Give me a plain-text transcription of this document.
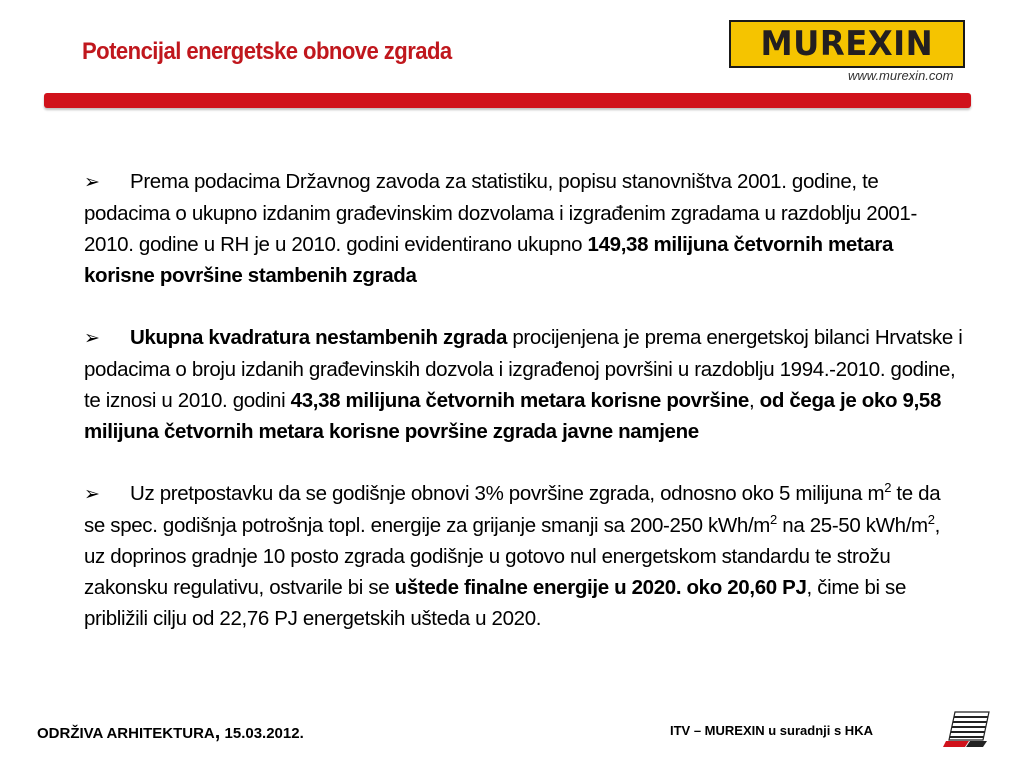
Potencijal energetske obnove zgrada	MUREXIN
www.murexin.com

➢ Prema podacima Državnog zavoda za statistiku, popisu stanovništva 2001. godine, te podacima o ukupno izdanim građevinskim dozvolama i izgrađenim zgradama u razdoblju 2001-2010. godine u RH je u 2010. godini evidentirano ukupno 149,38 milijuna četvornih metara korisne površine stambenih zgrada

➢ Ukupna kvadratura nestambenih zgrada procijenjena je prema energetskoj bilanci Hrvatske i podacima o broju izdanih građevinskih dozvola i izgrađenoj površini u razdoblju 1994.-2010. godine, te iznosi u 2010. godini 43,38 milijuna četvornih metara korisne površine, od čega je oko 9,58 milijuna četvornih metara korisne površine zgrada javne namjene

➢ Uz pretpostavku da se godišnje obnovi 3% površine zgrada, odnosno oko 5 milijuna $m^2$ te da se spec. godišnja potrošnja topl. energije za grijanje smanji sa 200-250 kWh/$m^2$ na 25-50 kWh/$m^2$, uz doprinos gradnje 10 posto zgrada godišnje u gotovo nul energetskom standardu te strožu zakonsku regulativu, ostvarile bi se uštede finalne energije u 2020. oko 20,60 PJ, čime bi se približili cilju od 22,76 PJ energetskih ušteda u 2020.

ODRŽIVA ARHITEKTURA, 15.03.2012.	ITV – MUREXIN u suradnji s HKA
